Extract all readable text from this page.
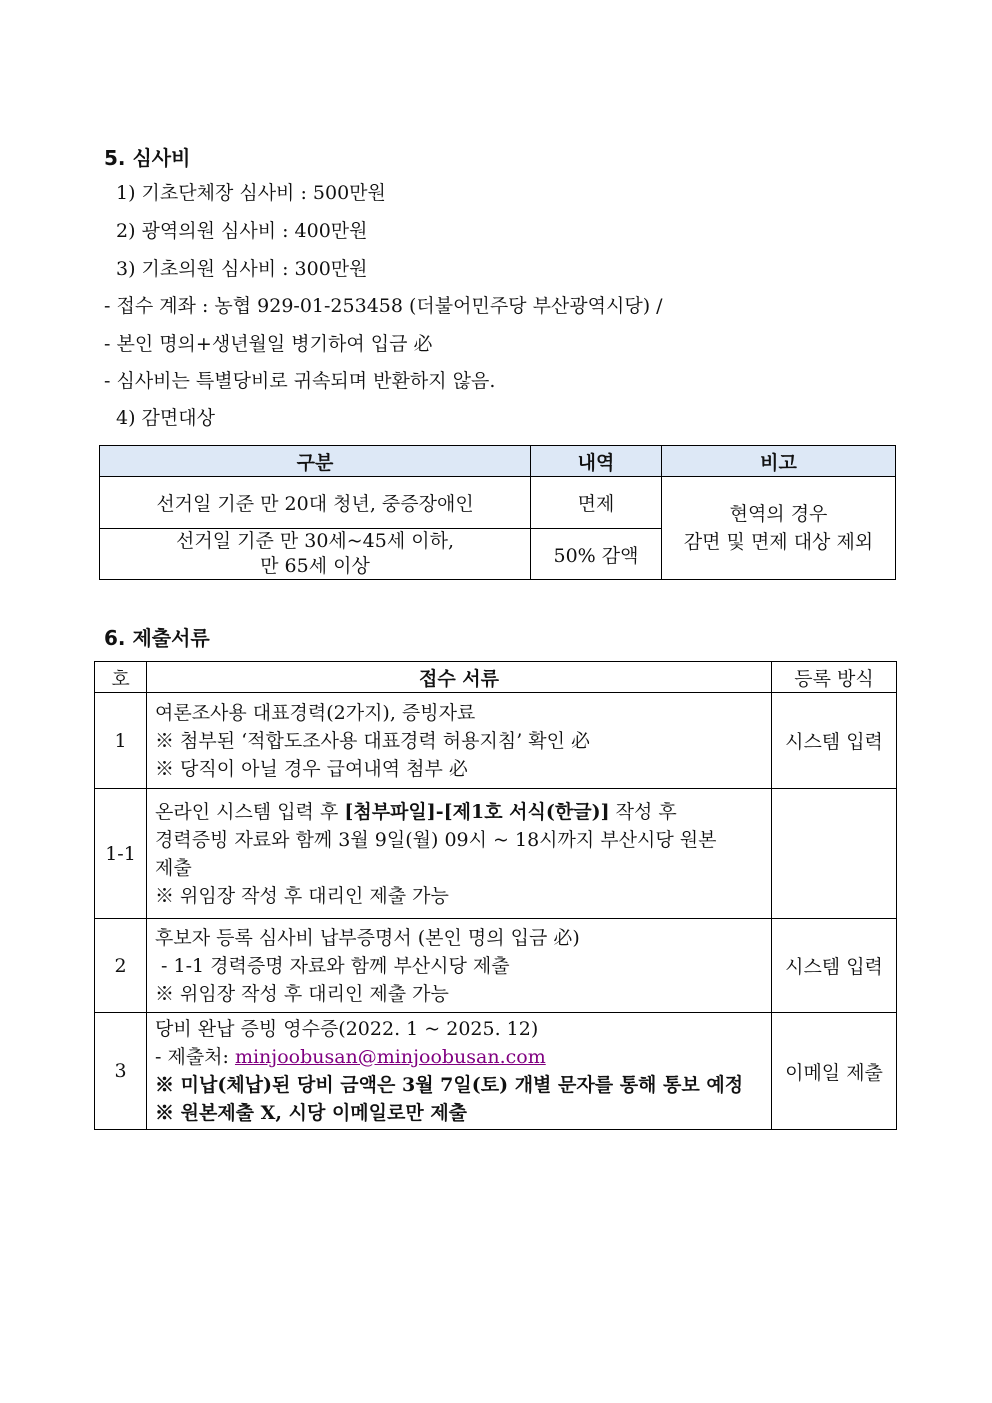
5. 심사비
1) 기초단체장 심사비 : 500만원
2) 광역의원 심사비 : 400만원
3) 기초의원 심사비 : 300만원
- 접수 계좌 : 농협 929-01-253458 (더불어민주당 부산광역시당) /
- 본인 명의+생년월일 병기하여 입금 必
- 심사비는 특별당비로 귀속되며 반환하지 않음.
4) 감면대상
구분	내역	비고
선거일 기준 만 20대 청년, 중증장애인	면제	현역의 경우
감면 및 면제 대상 제외

선거일 기준 만 30세~45세 이하,
만 65세 이상	50% 감액	
6. 제출서류
호	접수 서류	등록 방식
1	여론조사용 대표경력(2가지), 증빙자료
※ 첨부된 ‘적합도조사용 대표경력 허용지침’ 확인 必
※ 당직이 아닐 경우 급여내역 첨부 必	시스템 입력
1-1	온라인 시스템 입력 후 [첨부파일]-[제1호 서식(한글)] 작성 후
경력증빙 자료와 함께 3월 9일(월) 09시 ~ 18시까지 부산시당 원본
제출
※ 위임장 작성 후 대리인 제출 가능	

2	후보자 등록 심사비 납부증명서 (본인 명의 입금 必)
- 1-1 경력증명 자료와 함께 부산시당 제출
※ 위임장 작성 후 대리인 제출 가능	시스템 입력
3	당비 완납 증빙 영수증(2022. 1 ~ 2025. 12)
- 제출처: minjoobusan@minjoobusan.com
※ 미납(체납)된 당비 금액은 3월 7일(토) 개별 문자를 통해 통보 예정
※ 원본제출 X, 시당 이메일로만 제출	이메일 제출
